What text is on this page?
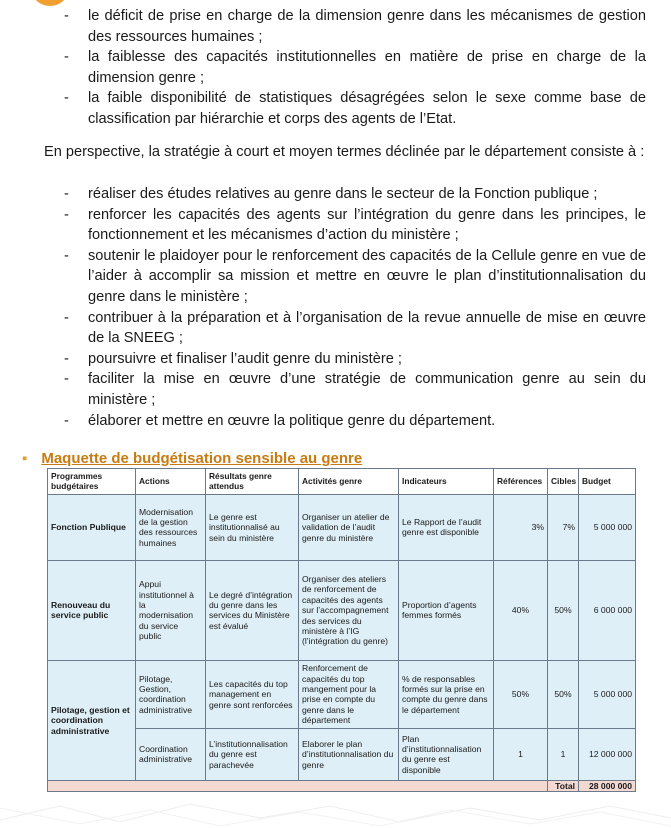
- le déficit de prise en charge de la dimension genre dans les mécanismes de gestion des ressources humaines ;
- la faiblesse des capacités institutionnelles en matière de prise en charge de la dimension genre ;
- la faible disponibilité de statistiques désagrégées selon le sexe comme base de classification par hiérarchie et corps des agents de l’Etat.
En perspective, la stratégie à court et moyen termes déclinée par le département consiste à :
- réaliser des études relatives au genre dans le secteur de la Fonction publique ;
- renforcer les capacités des agents sur l’intégration du genre dans les principes, le fonctionnement et les mécanismes d’action du ministère ;
- soutenir le plaidoyer pour le renforcement des capacités de la Cellule genre en vue de l’aider à accomplir sa mission et mettre en œuvre le plan d’institutionnalisation du genre dans le ministère ;
- contribuer à la préparation et à l’organisation de la revue annuelle de mise en œuvre de la SNEEG ;
- poursuivre et finaliser l’audit genre du ministère ;
- faciliter la mise en œuvre d’une stratégie de communication genre au sein du ministère ;
- élaborer et mettre en œuvre la politique genre du département.
▪ Maquette de budgétisation sensible au genre
Programmes budgétaires	Actions	Résultats genre attendus	Activités genre	Indicateurs	Références	Cibles	Budget
Fonction Publique	Modernisation de la gestion des ressources humaines	Le genre est institutionnalisé au sein du ministère	Organiser un atelier de validation de l’audit genre du ministère	Le Rapport de l’audit genre est disponible	3%	7%	5 000 000
Renouveau du service public	Appui institutionnel à la modernisation du service public	Le degré d’intégration du genre dans les services du Ministère est évalué	Organiser des ateliers de renforcement de capacités des agents sur l’accompagnement des services du ministère à l’IG (l’intégration du genre)	Proportion d’agents femmes formés	40%	50%	6 000 000
Pilotage, gestion et coordination administrative	Pilotage, Gestion, coordination administrative	Les capacités du top management en genre sont renforcées	Renforcement de capacités du top mangement pour la prise en compte du genre dans le département	% de responsables formés sur la prise en compte du genre dans le département	50%	50%	5 000 000
	Coordination administrative	L’institutionnalisation du genre est parachevée	Elaborer le plan d’institutionnalisation du genre	Plan d’institutionnalisation du genre est disponible	1	1	12 000 000
						Total	28 000 000
